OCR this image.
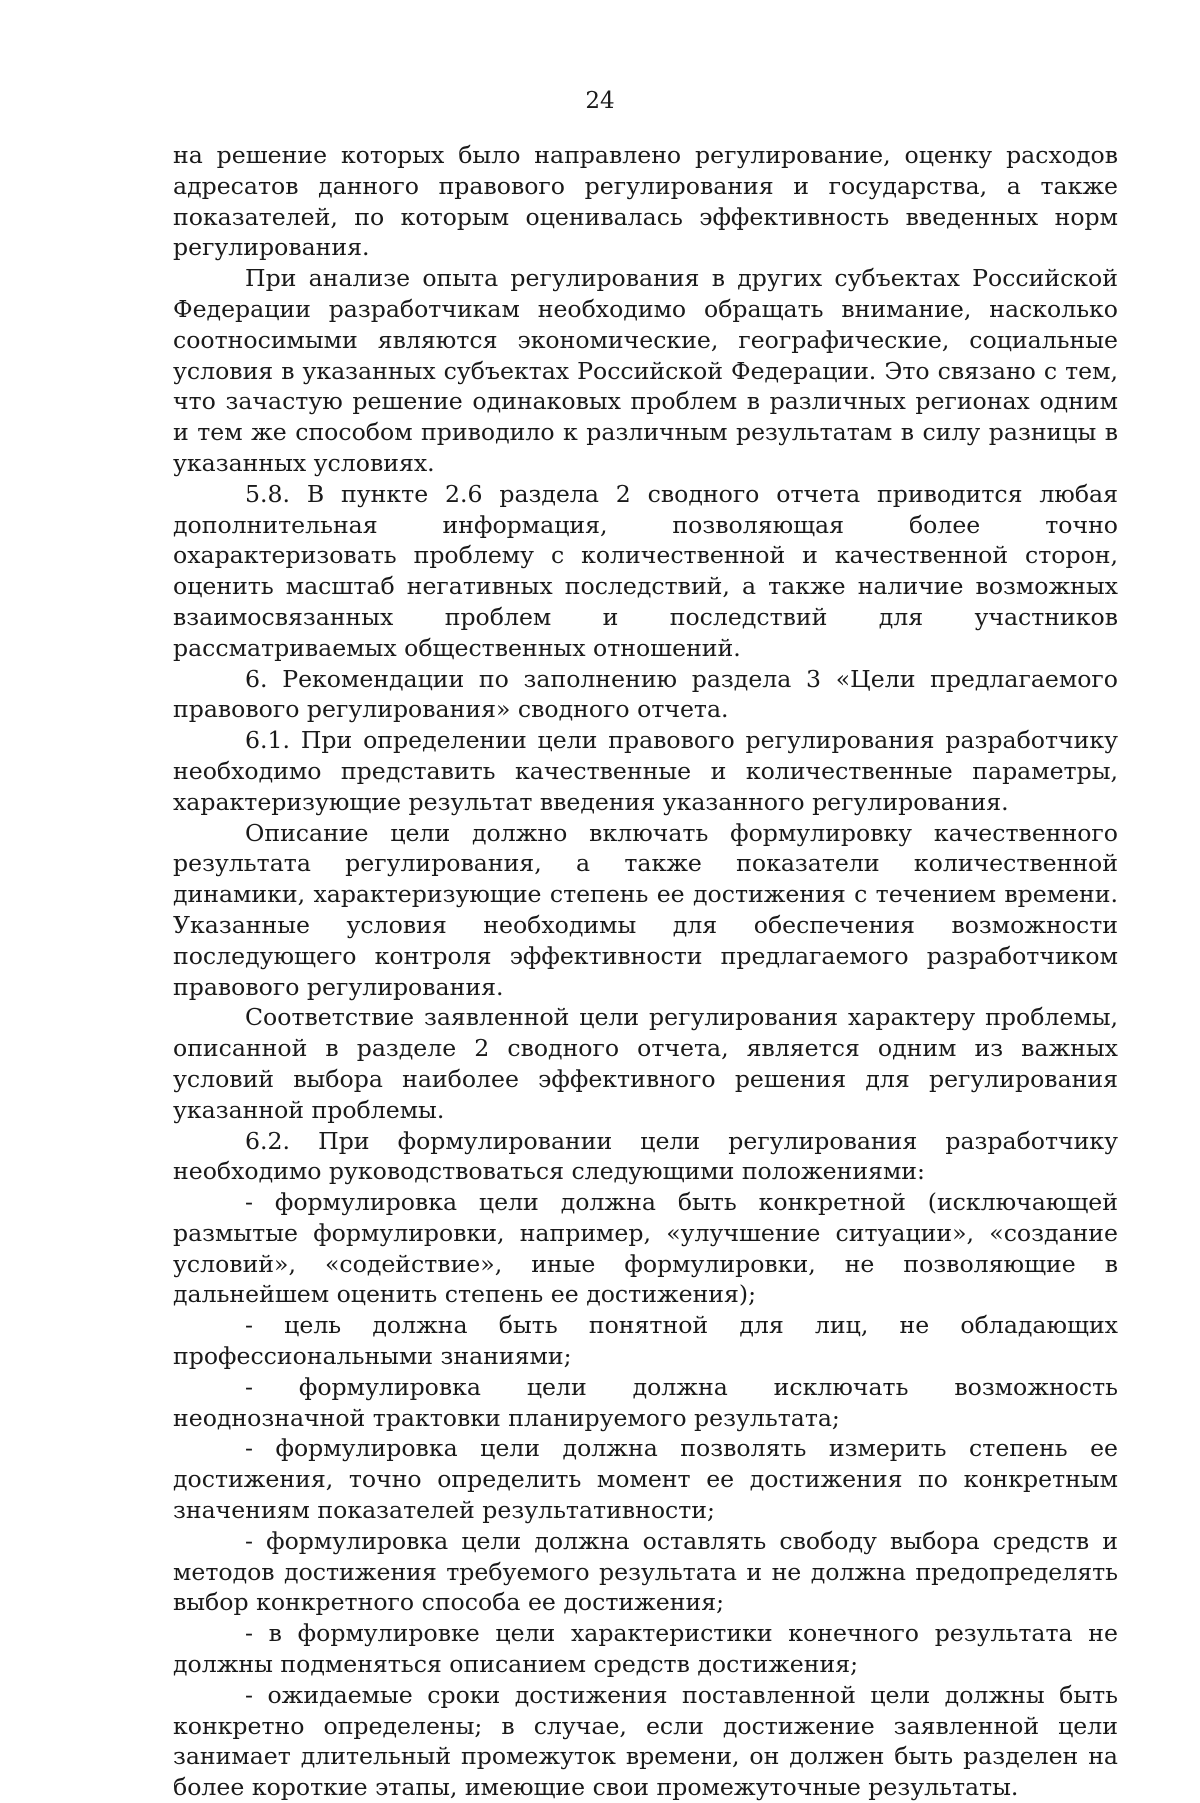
24

на решение которых было направлено регулирование, оценку расходов адресатов данного правового регулирования и государства, а также показателей, по которым оценивалась эффективность введенных норм регулирования.

При анализе опыта регулирования в других субъектах Российской Федерации разработчикам необходимо обращать внимание, насколько соотносимыми являются экономические, географические, социальные условия в указанных субъектах Российской Федерации. Это связано с тем, что зачастую решение одинаковых проблем в различных регионах одним и тем же способом приводило к различным результатам в силу разницы в указанных условиях.

5.8. В пункте 2.6 раздела 2 сводного отчета приводится любая дополнительная информация, позволяющая более точно охарактеризовать проблему с количественной и качественной сторон, оценить масштаб негативных последствий, а также наличие возможных взаимосвязанных проблем и последствий для участников рассматриваемых общественных отношений.

6. Рекомендации по заполнению раздела 3 «Цели предлагаемого правового регулирования» сводного отчета.

6.1. При определении цели правового регулирования разработчику необходимо представить качественные и количественные параметры, характеризующие результат введения указанного регулирования.

Описание цели должно включать формулировку качественного результата регулирования, а также показатели количественной динамики, характеризующие степень ее достижения с течением времени. Указанные условия необходимы для обеспечения возможности последующего контроля эффективности предлагаемого разработчиком правового регулирования.

Соответствие заявленной цели регулирования характеру проблемы, описанной в разделе 2 сводного отчета, является одним из важных условий выбора наиболее эффективного решения для регулирования указанной проблемы.

6.2. При формулировании цели регулирования разработчику необходимо руководствоваться следующими положениями:

- формулировка цели должна быть конкретной (исключающей размытые формулировки, например, «улучшение ситуации», «создание условий», «содействие», иные формулировки, не позволяющие в дальнейшем оценить степень ее достижения);

- цель должна быть понятной для лиц, не обладающих профессиональными знаниями;

- формулировка цели должна исключать возможность неоднозначной трактовки планируемого результата;

- формулировка цели должна позволять измерить степень ее достижения, точно определить момент ее достижения по конкретным значениям показателей результативности;

- формулировка цели должна оставлять свободу выбора средств и методов достижения требуемого результата и не должна предопределять выбор конкретного способа ее достижения;

- в формулировке цели характеристики конечного результата не должны подменяться описанием средств достижения;

- ожидаемые сроки достижения поставленной цели должны быть конкретно определены; в случае, если достижение заявленной цели занимает длительный промежуток времени, он должен быть разделен на более короткие этапы, имеющие свои промежуточные результаты.
